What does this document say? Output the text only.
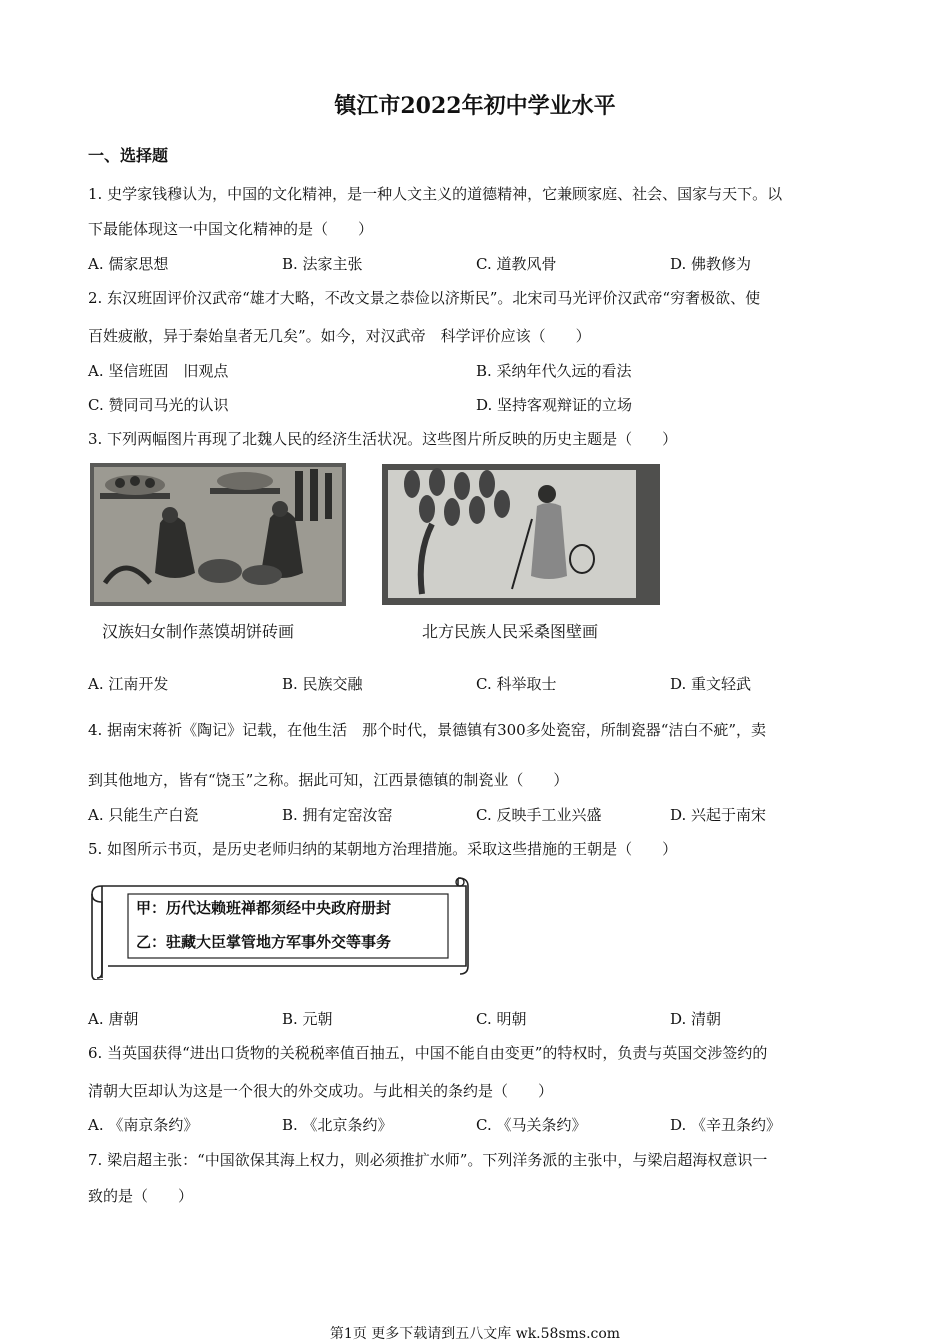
镇江市2022年初中学业水平
一、选择题
1. 史学家钱穆认为，中国的文化精神，是一种人文主义的道德精神，它兼顾家庭、社会、国家与天下。以
下最能体现这一中国文化精神的是（　　）
A. 儒家思想	B. 法家主张	C. 道教风骨	D. 佛教修为
2. 东汉班固评价汉武帝“雄才大略，不改文景之恭俭以济斯民”。北宋司马光评价汉武帝“穷奢极欲、使
百姓疲敝，异于秦始皇者无几矣”。如今，对汉武帝　科学评价应该（　　）
A. 坚信班固　旧观点	B. 采纳年代久远的看法
C. 赞同司马光的认识	D. 坚持客观辩证的立场
3. 下列两幅图片再现了北魏人民的经济生活状况。这些图片所反映的历史主题是（　　）
汉族妇女制作蒸馍胡饼砖画	北方民族人民采桑图壁画
A. 江南开发	B. 民族交融	C. 科举取士	D. 重文轻武
4. 据南宋蒋祈《陶记》记载，在他生活　那个时代，景德镇有300多处瓷窑，所制瓷器“洁白不疵”，卖
到其他地方，皆有“饶玉”之称。据此可知，江西景德镇的制瓷业（　　）
A. 只能生产白瓷	B. 拥有定窑汝窑	C. 反映手工业兴盛	D. 兴起于南宋
5. 如图所示书页，是历史老师归纳的某朝地方治理措施。采取这些措施的王朝是（　　）
甲：历代达赖班禅都须经中央政府册封
乙：驻藏大臣掌管地方军事外交等事务
A. 唐朝	B. 元朝	C. 明朝	D. 清朝
6. 当英国获得“进出口货物的关税税率值百抽五，中国不能自由变更”的特权时，负责与英国交涉签约的
清朝大臣却认为这是一个很大的外交成功。与此相关的条约是（　　）
A. 《南京条约》	B. 《北京条约》	C. 《马关条约》	D. 《辛丑条约》
7. 梁启超主张：“中国欲保其海上权力，则必须推扩水师”。下列洋务派的主张中，与梁启超海权意识一
致的是（　　）
第1页 更多下载请到五八文库 wk.58sms.com
